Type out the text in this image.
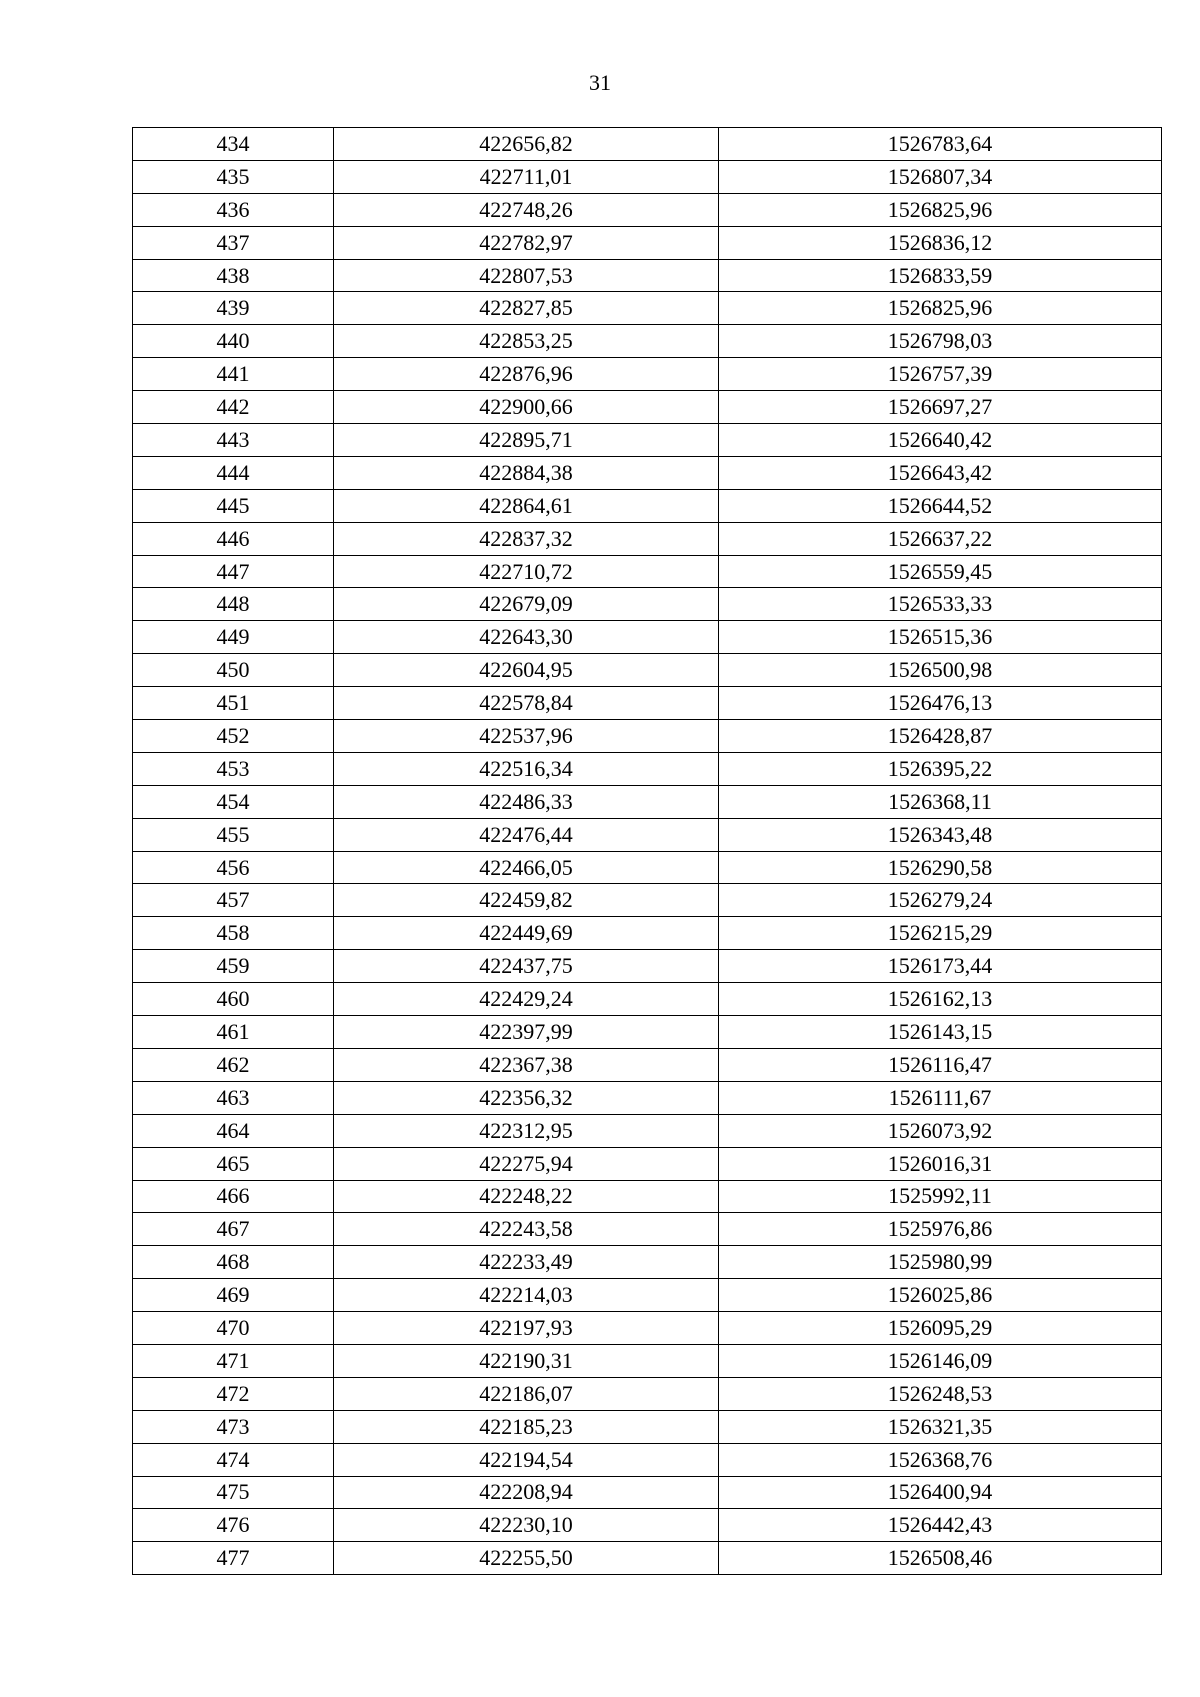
31
434	422656,82	1526783,64
435	422711,01	1526807,34
436	422748,26	1526825,96
437	422782,97	1526836,12
438	422807,53	1526833,59
439	422827,85	1526825,96
440	422853,25	1526798,03
441	422876,96	1526757,39
442	422900,66	1526697,27
443	422895,71	1526640,42
444	422884,38	1526643,42
445	422864,61	1526644,52
446	422837,32	1526637,22
447	422710,72	1526559,45
448	422679,09	1526533,33
449	422643,30	1526515,36
450	422604,95	1526500,98
451	422578,84	1526476,13
452	422537,96	1526428,87
453	422516,34	1526395,22
454	422486,33	1526368,11
455	422476,44	1526343,48
456	422466,05	1526290,58
457	422459,82	1526279,24
458	422449,69	1526215,29
459	422437,75	1526173,44
460	422429,24	1526162,13
461	422397,99	1526143,15
462	422367,38	1526116,47
463	422356,32	1526111,67
464	422312,95	1526073,92
465	422275,94	1526016,31
466	422248,22	1525992,11
467	422243,58	1525976,86
468	422233,49	1525980,99
469	422214,03	1526025,86
470	422197,93	1526095,29
471	422190,31	1526146,09
472	422186,07	1526248,53
473	422185,23	1526321,35
474	422194,54	1526368,76
475	422208,94	1526400,94
476	422230,10	1526442,43
477	422255,50	1526508,46
